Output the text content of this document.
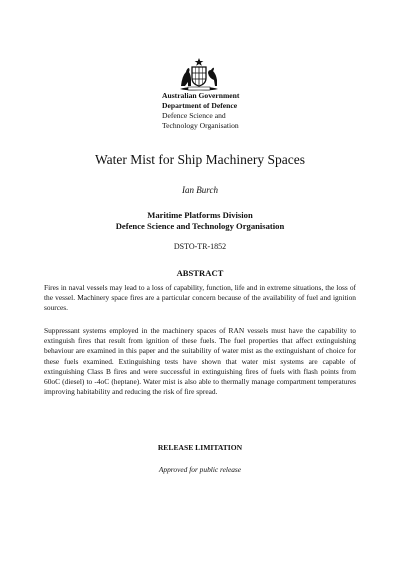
Australian Government
Department of Defence
Defence Science and
Technology Organisation
Water Mist for Ship Machinery Spaces
Ian Burch
Maritime Platforms Division
Defence Science and Technology Organisation
DSTO-TR-1852
ABSTRACT

Fires in naval vessels may lead to a loss of capability, function, life and in extreme situations, the loss of the vessel. Machinery space fires are a particular concern because of the availability of fuel and ignition sources.

Suppressant systems employed in the machinery spaces of RAN vessels must have the capability to extinguish fires that result from ignition of these fuels. The fuel properties that affect extinguishing behaviour are examined in this paper and the suitability of water mist as the extinguishant of choice for these fuels examined. Extinguishing tests have shown that water mist systems are capable of extinguishing Class B fires and were successful in extinguishing fires of fuels with flash points from 60oC (diesel) to -4oC (heptane). Water mist is also able to thermally manage compartment temperatures improving habitability and reducing the risk of fire spread.

RELEASE LIMITATION
Approved for public release
